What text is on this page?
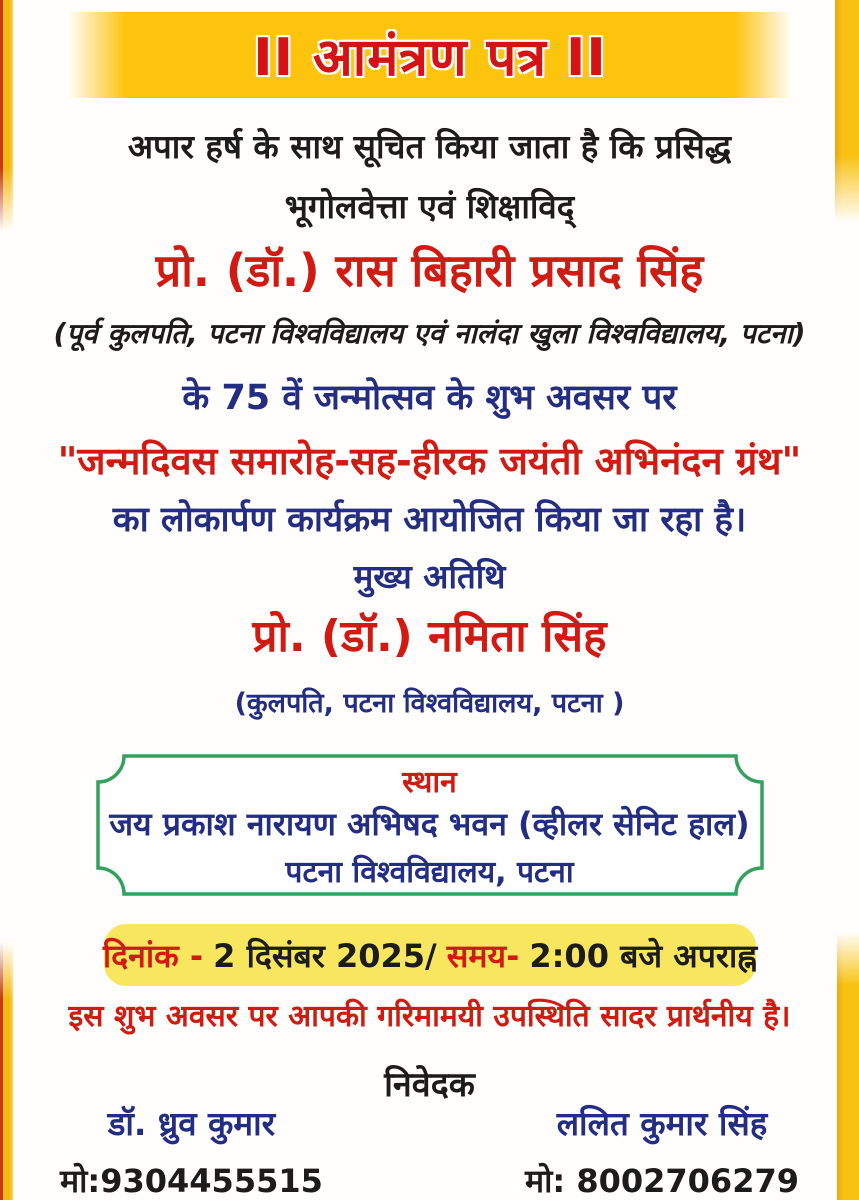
II आमंत्रण पत्र II
अपार हर्ष के साथ सूचित किया जाता है कि प्रसिद्ध
भूगोलवेत्ता एवं शिक्षाविद्
प्रो. (डॉ.) रास बिहारी प्रसाद सिंह
(पूर्व कुलपति, पटना विश्वविद्यालय एवं नालंदा खुला विश्वविद्यालय, पटना)
के 75 वें जन्मोत्सव के शुभ अवसर पर
"जन्मदिवस समारोह-सह-हीरक जयंती अभिनंदन ग्रंथ"
का लोकार्पण कार्यक्रम आयोजित किया जा रहा है।
मुख्य अतिथि
प्रो. (डॉ.) नमिता सिंह
(कुलपति, पटना विश्वविद्यालय, पटना )
स्थान
जय प्रकाश नारायण अभिषद भवन (व्हीलर सेनिट हाल)
पटना विश्वविद्यालय, पटना
दिनांक - 2 दिसंबर 2025/ समय- 2:00 बजे अपराह्न
इस शुभ अवसर पर आपकी गरिमामयी उपस्थिति सादर प्रार्थनीय है।
निवेदक
डॉ. ध्रुव कुमार
मो:9304455515
ललित कुमार सिंह
मो: 8002706279
